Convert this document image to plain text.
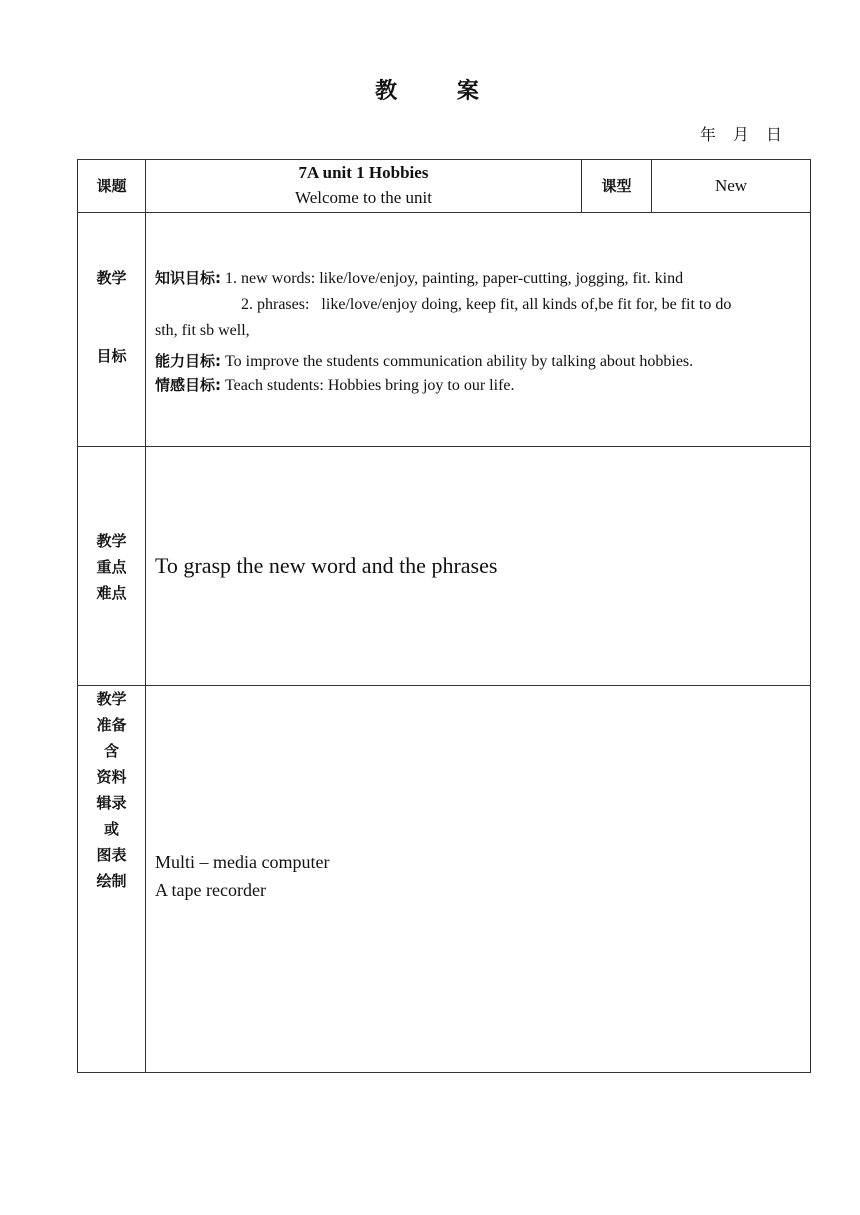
教 案
年 月 日
课题
7A unit 1 Hobbies
Welcome to the unit
课型	New
教学
目标
知识目标: 1. new words: like/love/enjoy, painting, paper-cutting, jogging, fit. kind
2. phrases:   like/love/enjoy doing, keep fit, all kinds of,be fit for, be fit to do
sth, fit sb well,
能力目标: To improve the students communication ability by talking about hobbies.
情感目标: Teach students: Hobbies bring joy to our life.
教学
重点
难点
To grasp the new word and the phrases
教学
准备
含
资料
辑录
或
图表
绘制
Multi – media computer
A tape recorder
